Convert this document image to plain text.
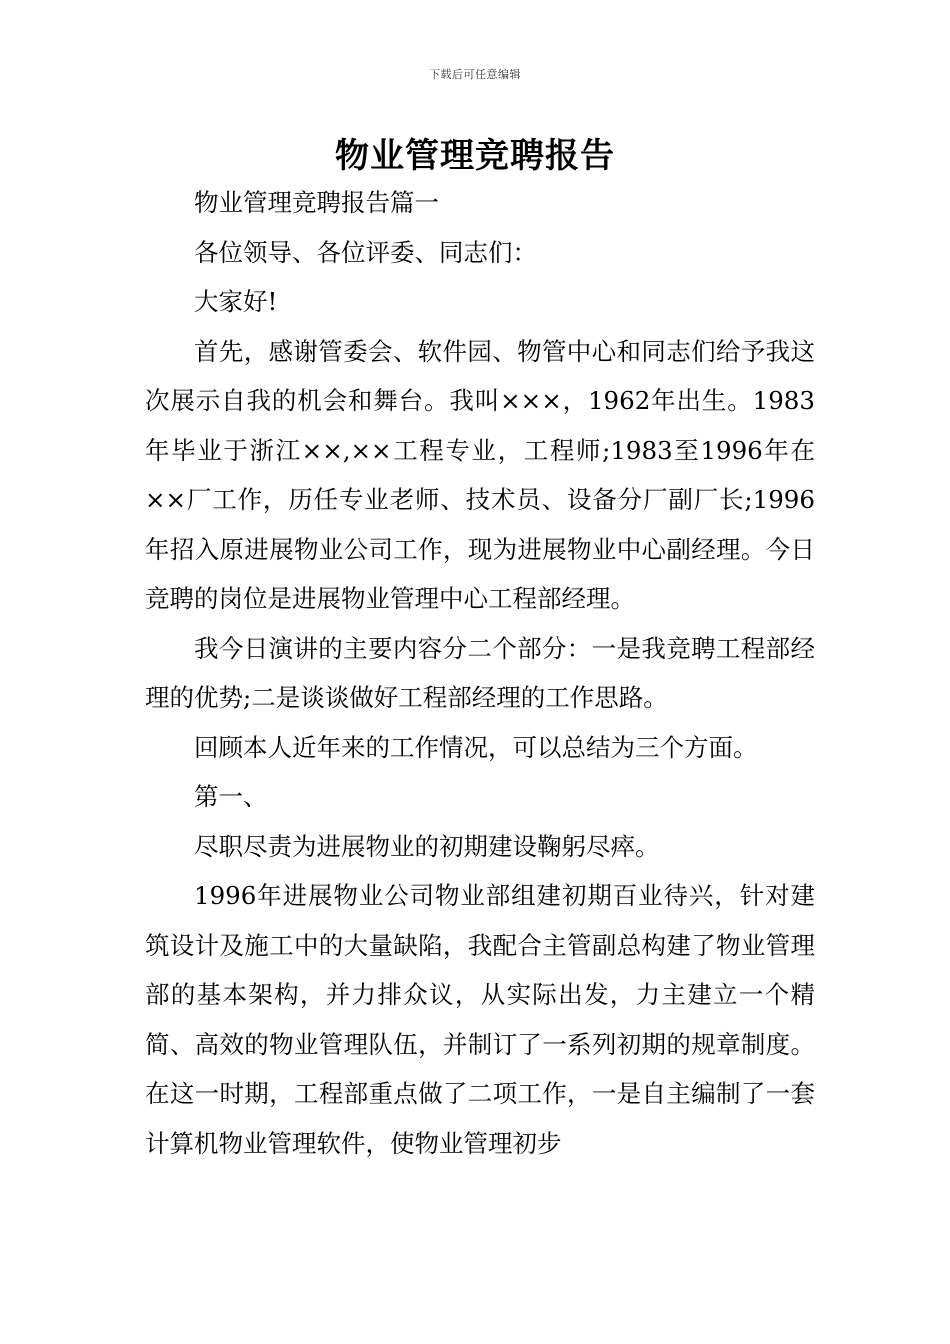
下载后可任意编辑
物业管理竞聘报告

物业管理竞聘报告篇一

各位领导、各位评委、同志们：

大家好!

首先，感谢管委会、软件园、物管中心和同志们给予我这次展示自我的机会和舞台。我叫×××，1962年出生。1983年毕业于浙江××,××工程专业，工程师;1983至1996年在××厂工作，历任专业老师、技术员、设备分厂副厂长;1996年招入原进展物业公司工作，现为进展物业中心副经理。今日竞聘的岗位是进展物业管理中心工程部经理。

我今日演讲的主要内容分二个部分：一是我竞聘工程部经理的优势;二是谈谈做好工程部经理的工作思路。

回顾本人近年来的工作情况，可以总结为三个方面。

第一、

尽职尽责为进展物业的初期建设鞠躬尽瘁。

1996年进展物业公司物业部组建初期百业待兴，针对建筑设计及施工中的大量缺陷，我配合主管副总构建了物业管理部的基本架构，并力排众议，从实际出发，力主建立一个精简、高效的物业管理队伍，并制订了一系列初期的规章制度。在这一时期，工程部重点做了二项工作，一是自主编制了一套计算机物业管理软件，使物业管理初步
